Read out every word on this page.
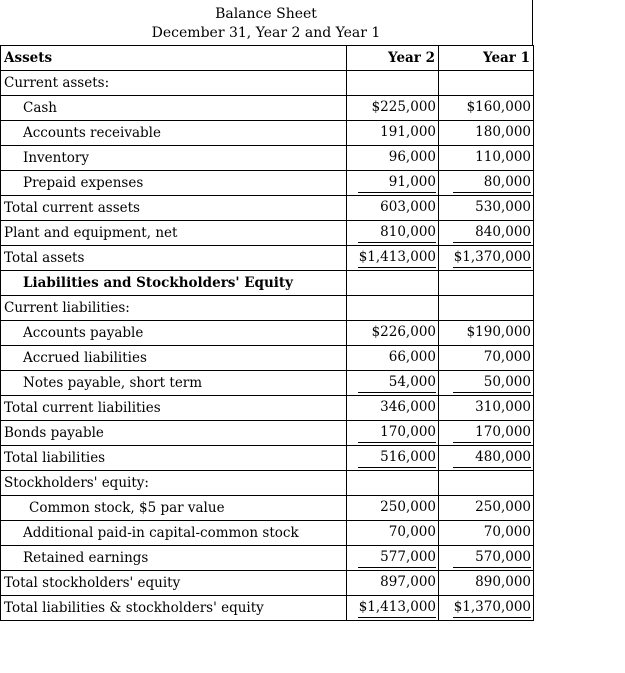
Balance Sheet
December 31, Year 2 and Year 1
Assets	Year 2	Year 1
Current assets:		
Cash	$225,000	$160,000
Accounts receivable	191,000	180,000
Inventory	96,000	110,000
Prepaid expenses	91,000	80,000
Total current assets	603,000	530,000
Plant and equipment, net	810,000	840,000
Total assets	$1,413,000	$1,370,000
Liabilities and Stockholders' Equity		
Current liabilities:		
Accounts payable	$226,000	$190,000
Accrued liabilities	66,000	70,000
Notes payable, short term	54,000	50,000
Total current liabilities	346,000	310,000
Bonds payable	170,000	170,000
Total liabilities	516,000	480,000
Stockholders' equity:		
Common stock, $5 par value	250,000	250,000
Additional paid-in capital-common stock	70,000	70,000
Retained earnings	577,000	570,000
Total stockholders' equity	897,000	890,000
Total liabilities & stockholders' equity	$1,413,000	$1,370,000
